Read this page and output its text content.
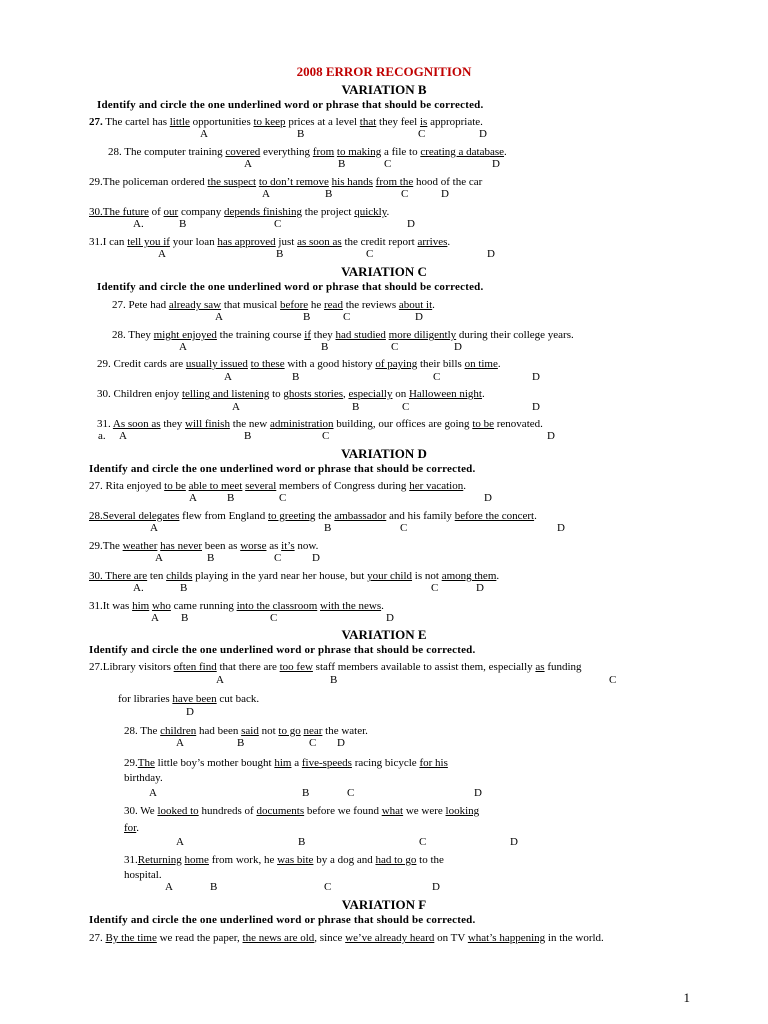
2008 ERROR RECOGNITION
VARIATION B
Identify and circle the one underlined word or phrase that should be corrected.
27. The cartel has little opportunities to keep prices at a level that they feel is appropriate.
A	B	C	D
28. The computer training covered everything from to making a file to creating a database.
A	B	C	D
29.The policeman ordered the suspect to don’t remove his hands from the hood of the car
A	B	C	D
30.The future of our company depends finishing the project quickly.
A.	B	C	D
31.I can tell you if your loan has approved just as soon as the credit report arrives.
A	B	C	D
VARIATION C
Identify and circle the one underlined word or phrase that should be corrected.
27. Pete had already saw that musical before he read the reviews about it.
A	B	C	D
28. They might enjoyed the training course if they had studied more diligently during their college years.
A	B	C	D
29. Credit cards are usually issued to these with a good history of paying their bills on time.
A	B	C	D
30. Children enjoy telling and listening to ghosts stories, especially on Halloween night.
A	B	C	D
31. As soon as they will finish the new administration building, our offices are going to be renovated.
a. A	B	C	D
VARIATION D
Identify and circle the one underlined word or phrase that should be corrected.
27. Rita enjoyed to be able to meet several members of Congress during her vacation.
A	B	C	D
28.Several delegates flew from England to greeting the ambassador and his family before the concert.
A	B	C	D
29.The weather has never been as worse as it’s now.
A	B	C	D
30. There are ten childs playing in the yard near her house, but your child is not among them.
A.	B	C	D
31.It was him who came running into the classroom with the news.
A B	C	D
VARIATION E
Identify and circle the one underlined word or phrase that should be corrected.
27.Library visitors often find that there are too few staff members available to assist them, especially as funding
A	B	C
for libraries have been cut back.
D
28. The children had been said not to go near the water.
A	B	C D
29.The little boy’s mother bought him a five-speeds racing bicycle for his
A	B	C	D
birthday.
30. We looked to hundreds of documents before we found what we were looking
A	B	C	D
for.
31.Returning home from work, he was bite by a dog and had to go to the
A	B	C	D
hospital.
VARIATION F
Identify and circle the one underlined word or phrase that should be corrected.
27. By the time we read the paper, the news are old, since we’ve already heard on TV what’s happening in the world.
1
